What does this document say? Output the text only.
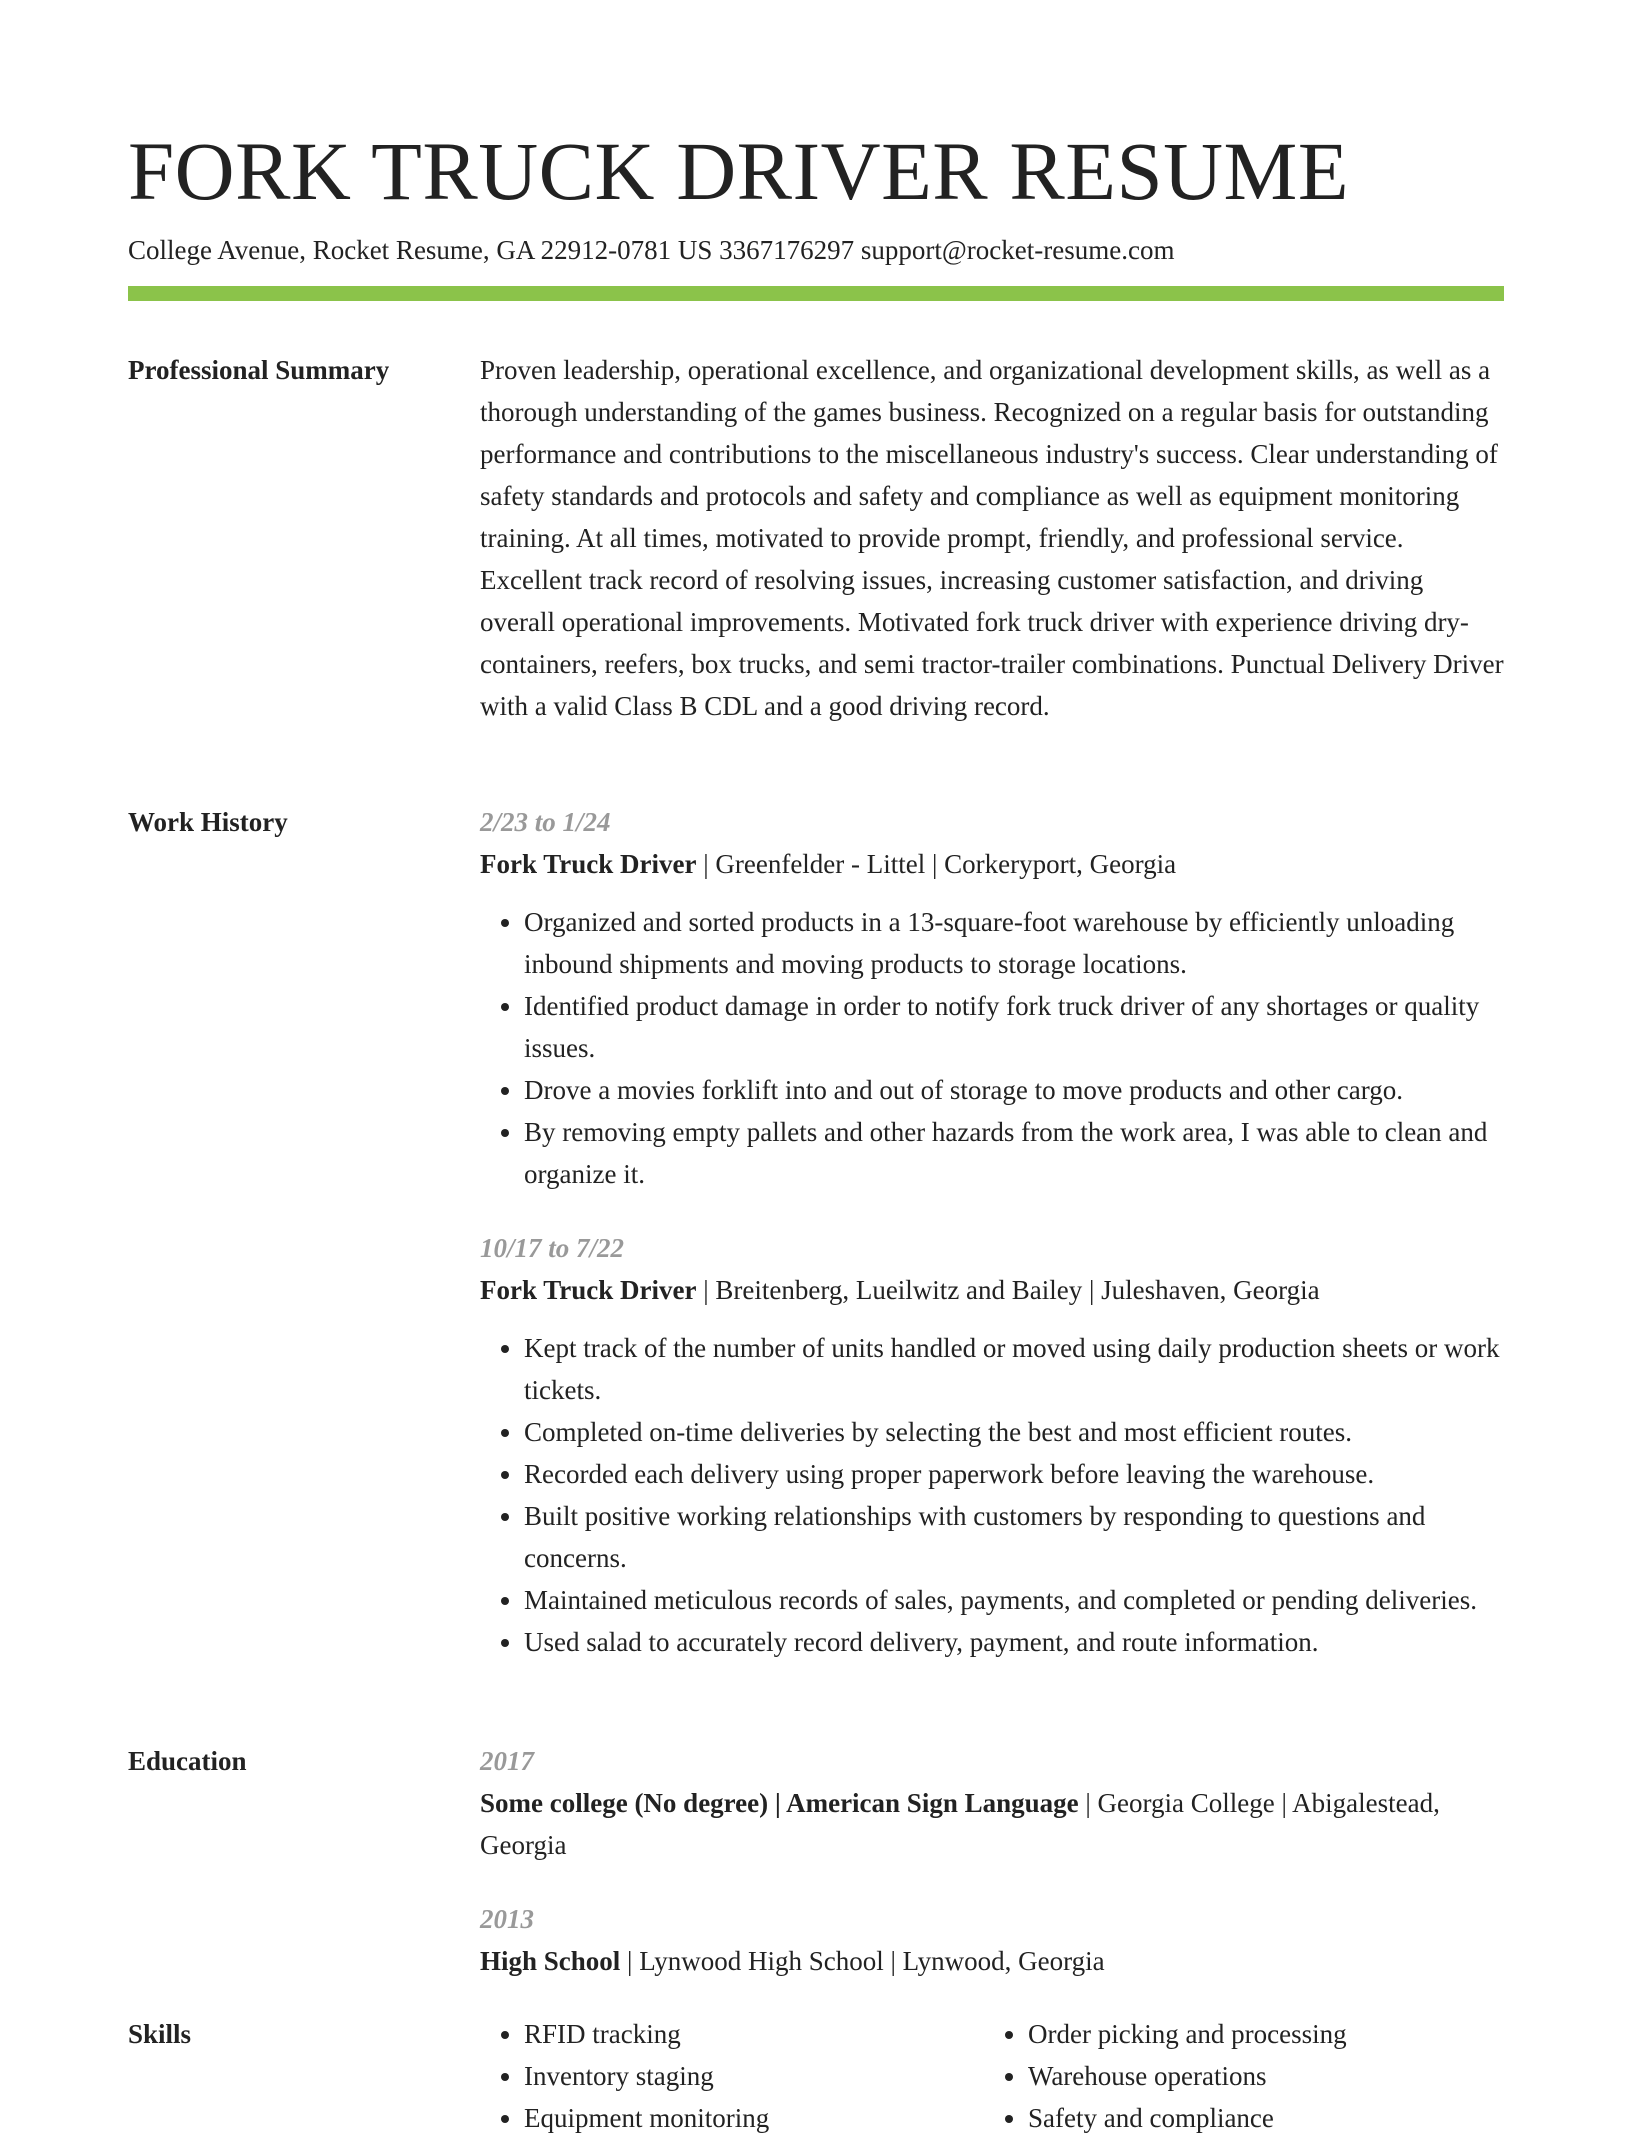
FORK TRUCK DRIVER RESUME
College Avenue, Rocket Resume, GA 22912-0781 US 3367176297 support@rocket-resume.com
Professional Summary	Proven leadership, operational excellence, and organizational development skills, as well as a thorough understanding of the games business. Recognized on a regular basis for outstanding performance and contributions to the miscellaneous industry's success. Clear understanding of safety standards and protocols and safety and compliance as well as equipment monitoring training. At all times, motivated to provide prompt, friendly, and professional service. Excellent track record of resolving issues, increasing customer satisfaction, and driving overall operational improvements. Motivated fork truck driver with experience driving dry-containers, reefers, box trucks, and semi tractor-trailer combinations. Punctual Delivery Driver with a valid Class B CDL and a good driving record.

Work History	2/23 to 1/24
Fork Truck Driver | Greenfelder - Littel | Corkeryport, Georgia
• Organized and sorted products in a 13-square-foot warehouse by efficiently unloading inbound shipments and moving products to storage locations.
• Identified product damage in order to notify fork truck driver of any shortages or quality issues.
• Drove a movies forklift into and out of storage to move products and other cargo.
• By removing empty pallets and other hazards from the work area, I was able to clean and organize it.
10/17 to 7/22
Fork Truck Driver | Breitenberg, Lueilwitz and Bailey | Juleshaven, Georgia
• Kept track of the number of units handled or moved using daily production sheets or work tickets.
• Completed on-time deliveries by selecting the best and most efficient routes.
• Recorded each delivery using proper paperwork before leaving the warehouse.
• Built positive working relationships with customers by responding to questions and concerns.
• Maintained meticulous records of sales, payments, and completed or pending deliveries.
• Used salad to accurately record delivery, payment, and route information.
Education	2017
Some college (No degree) | American Sign Language | Georgia College | Abigalestead, Georgia
2013
High School | Lynwood High School | Lynwood, Georgia
Skills
•	RFID tracking
• Inventory staging
• Equipment monitoring
• Order picking and processing
• Warehouse operations
• Safety and compliance
